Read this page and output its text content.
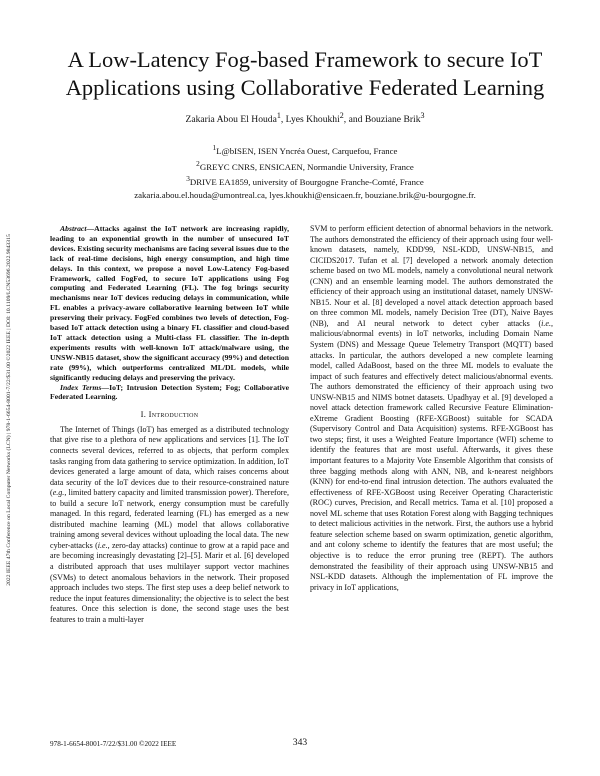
2022 IEEE 47th Conference on Local Computer Networks (LCN) | 978-1-6654-8001-7/22/$31.00 ©2022 IEEE | DOI: 10.1109/LCN53696.2022.9843315
A Low-Latency Fog-based Framework to secure IoT Applications using Collaborative Federated Learning
Zakaria Abou El Houda$^1$, Lyes Khoukhi$^2$, and Bouziane Brik$^3$
$^1$L@bISEN, ISEN Yncréa Ouest, Carquefou, France
$^2$GREYC CNRS, ENSICAEN, Normandie University, France
$^3$DRIVE EA1859, university of Bourgogne Franche-Comté, France
zakaria.abou.el.houda@umontreal.ca, lyes.khoukhi@ensicaen.fr, bouziane.brik@u-bourgogne.fr.

Abstract—Attacks against the IoT network are increasing rapidly, leading to an exponential growth in the number of unsecured IoT devices. Existing security mechanisms are facing several issues due to the lack of real-time decisions, high energy consumption, and high time delays. In this context, we propose a novel Low-Latency Fog-based Framework, called FogFed, to secure IoT applications using Fog computing and Federated Learning (FL). The fog brings security mechanisms near IoT devices reducing delays in communication, while FL enables a privacy-aware collaborative learning between IoT while preserving their privacy. FogFed combines two levels of detection, Fog-based IoT attack detection using a binary FL classifier and cloud-based IoT attack detection using a Multi-class FL classifier. The in-depth experiments results with well-known IoT attack/malware using, the UNSW-NB15 dataset, show the significant accuracy (99%) and detection rate (99%), which outperforms centralized ML/DL models, while significantly reducing delays and preserving the privacy.

Index Terms—IoT; Intrusion Detection System; Fog; Collaborative Federated Learning.

I. Introduction

The Internet of Things (IoT) has emerged as a distributed technology that give rise to a plethora of new applications and services [1]. The IoT connects several devices, referred to as objects, that perform complex tasks ranging from data gathering to service optimization. In addition, IoT devices generated a large amount of data, which raises concerns about data security of the IoT devices due to their resource-constrained nature (e.g., limited battery capacity and limited transmission power). Therefore, to build a secure IoT network, energy consumption must be carefully managed. In this regard, federated learning (FL) has emerged as a new distributed machine learning (ML) model that allows collaborative training among several devices without uploading the local data. The new cyber-attacks (i.e., zero-day attacks) continue to grow at a rapid pace and are becoming increasingly devastating [2]–[5]. Marir et al. [6] developed a distributed approach that uses multilayer support vector machines (SVMs) to detect anomalous behaviors in the network. Their proposed approach includes two steps. The first step uses a deep belief network to reduce the input features dimensionality; the objective is to select the best features. Once this selection is done, the second stage uses the best features to train a multi-layer

SVM to perform efficient detection of abnormal behaviors in the network. The authors demonstrated the efficiency of their approach using four well-known datasets, namely, KDD'99, NSL-KDD, UNSW-NB15, and CICIDS2017. Tufan et al. [7] developed a network anomaly detection scheme based on two ML models, namely a convolutional neural network (CNN) and an ensemble learning model. The authors demonstrated the efficiency of their approach using an institutional dataset, namely UNSW-NB15. Nour et al. [8] developed a novel attack detection approach based on three common ML models, namely Decision Tree (DT), Naive Bayes (NB), and AI neural network to detect cyber attacks (i.e., malicious/abnormal events) in IoT networks, including Domain Name System (DNS) and Message Queue Telemetry Transport (MQTT) based attacks. In particular, the authors developed a new complete learning model, called AdaBoost, based on the three ML models to evaluate the impact of such features and effectively detect malicious/abnormal events. The authors demonstrated the efficiency of their approach using two UNSW-NB15 and NIMS botnet datasets. Upadhyay et al. [9] developed a novel attack detection framework called Recursive Feature Elimination-eXtreme Gradient Boosting (RFE-XGBoost) suitable for SCADA (Supervisory Control and Data Acquisition) systems. RFE-XGBoost has two steps; first, it uses a Weighted Feature Importance (WFI) scheme to identify the features that are most useful. Afterwards, it gives these important features to a Majority Vote Ensemble Algorithm that consists of three bagging methods along with ANN, NB, and k-nearest neighbors (KNN) for end-to-end final intrusion detection. The authors evaluated the effectiveness of RFE-XGBoost using Receiver Operating Characteristic (ROC) curves, Precision, and Recall metrics. Tama et al. [10] proposed a novel ML scheme that uses Rotation Forest along with Bagging techniques to detect malicious activities in the network. First, the authors use a hybrid feature selection scheme based on swarm optimization, genetic algorithm, and ant colony scheme to identify the features that are most useful; the objective is to reduce the error pruning tree (REPT). The authors demonstrated the feasibility of their approach using UNSW-NB15 and NSL-KDD datasets. Although the implementation of FL improve the privacy in IoT applications,

978-1-6654-8001-7/22/$31.00 ©2022 IEEE	343
